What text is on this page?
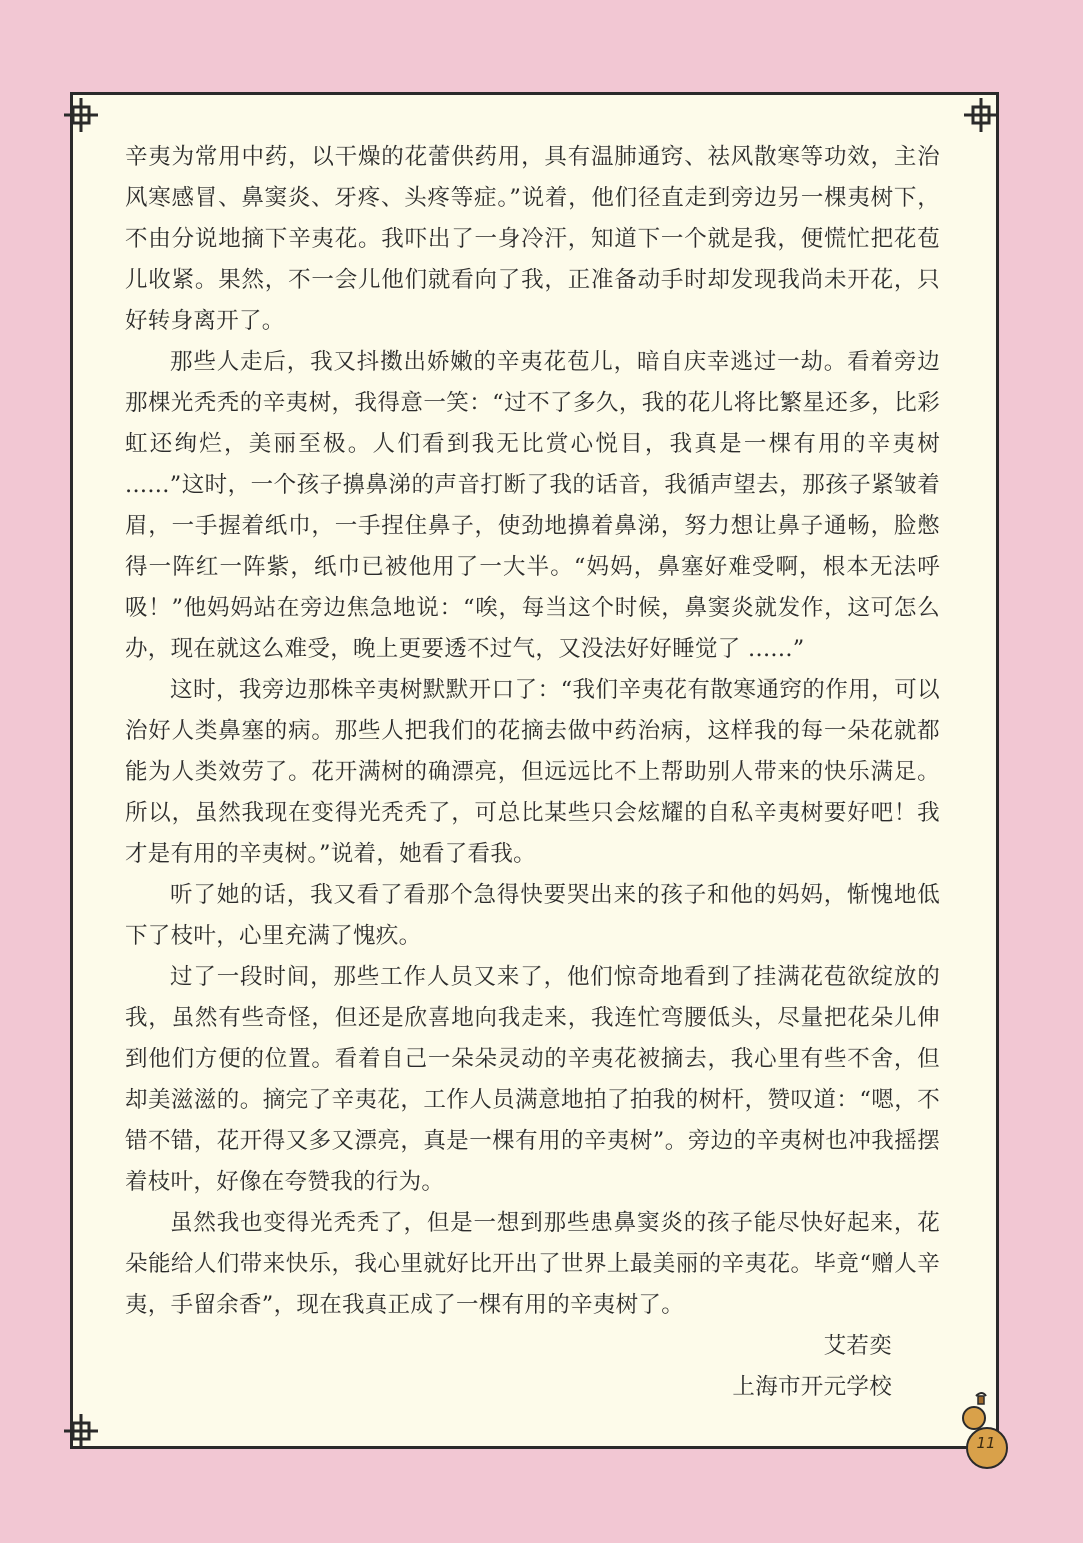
辛夷为常用中药，以干燥的花蕾供药用，具有温肺通窍、祛风散寒等功效，主治风寒感冒、鼻窦炎、牙疼、头疼等症。”说着，他们径直走到旁边另一棵夷树下，不由分说地摘下辛夷花。我吓出了一身冷汗，知道下一个就是我，便慌忙把花苞儿收紧。果然，不一会儿他们就看向了我，正准备动手时却发现我尚未开花，只好转身离开了。

那些人走后，我又抖擞出娇嫩的辛夷花苞儿，暗自庆幸逃过一劫。看着旁边那棵光秃秃的辛夷树，我得意一笑：“过不了多久，我的花儿将比繁星还多，比彩虹还绚烂，美丽至极。人们看到我无比赏心悦目，我真是一棵有用的辛夷树 ......”这时，一个孩子擤鼻涕的声音打断了我的话音，我循声望去，那孩子紧皱着眉，一手握着纸巾，一手捏住鼻子，使劲地擤着鼻涕，努力想让鼻子通畅，脸憋得一阵红一阵紫，纸巾已被他用了一大半。“妈妈，鼻塞好难受啊，根本无法呼吸！”他妈妈站在旁边焦急地说：“唉，每当这个时候，鼻窦炎就发作，这可怎么办，现在就这么难受，晚上更要透不过气，又没法好好睡觉了 ......”

这时，我旁边那株辛夷树默默开口了：“我们辛夷花有散寒通窍的作用，可以治好人类鼻塞的病。那些人把我们的花摘去做中药治病，这样我的每一朵花就都能为人类效劳了。花开满树的确漂亮，但远远比不上帮助别人带来的快乐满足。所以，虽然我现在变得光秃秃了，可总比某些只会炫耀的自私辛夷树要好吧！我才是有用的辛夷树。”说着，她看了看我。

听了她的话，我又看了看那个急得快要哭出来的孩子和他的妈妈，惭愧地低下了枝叶，心里充满了愧疚。

过了一段时间，那些工作人员又来了，他们惊奇地看到了挂满花苞欲绽放的我，虽然有些奇怪，但还是欣喜地向我走来，我连忙弯腰低头，尽量把花朵儿伸到他们方便的位置。看着自己一朵朵灵动的辛夷花被摘去，我心里有些不舍，但却美滋滋的。摘完了辛夷花，工作人员满意地拍了拍我的树杆，赞叹道：“嗯，不错不错，花开得又多又漂亮，真是一棵有用的辛夷树”。旁边的辛夷树也冲我摇摆着枝叶，好像在夸赞我的行为。

虽然我也变得光秃秃了，但是一想到那些患鼻窦炎的孩子能尽快好起来，花朵能给人们带来快乐，我心里就好比开出了世界上最美丽的辛夷花。毕竟“赠人辛夷，手留余香”，现在我真正成了一棵有用的辛夷树了。

艾若奕
上海市开元学校
11
